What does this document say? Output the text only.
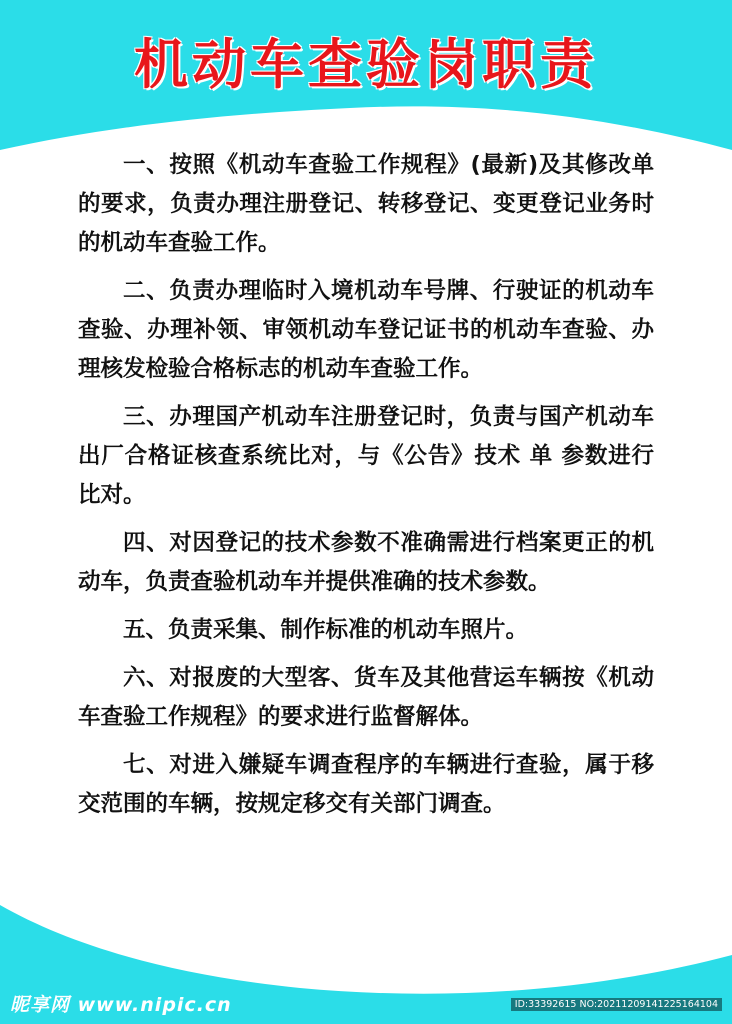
机动车查验岗职责

一、按照《机动车查验工作规程》(最新)及其修改单的要求，负责办理注册登记、转移登记、变更登记业务时的机动车查验工作。

二、负责办理临时入境机动车号牌、行驶证的机动车查验、办理补领、审领机动车登记证书的机动车查验、办理核发检验合格标志的机动车查验工作。

三、办理国产机动车注册登记时，负责与国产机动车出厂合格证核查系统比对，与《公告》技术 单 参数进行比对。

四、对因登记的技术参数不准确需进行档案更正的机动车，负责查验机动车并提供准确的技术参数。

五、负责采集、制作标准的机动车照片。

六、对报废的大型客、货车及其他营运车辆按《机动车查验工作规程》的要求进行监督解体。

七、对进入嫌疑车调查程序的车辆进行查验，属于移交范围的车辆，按规定移交有关部门调查。

昵享网 www.nipic.cn	ID:33392615 NO:20211209141225164104
